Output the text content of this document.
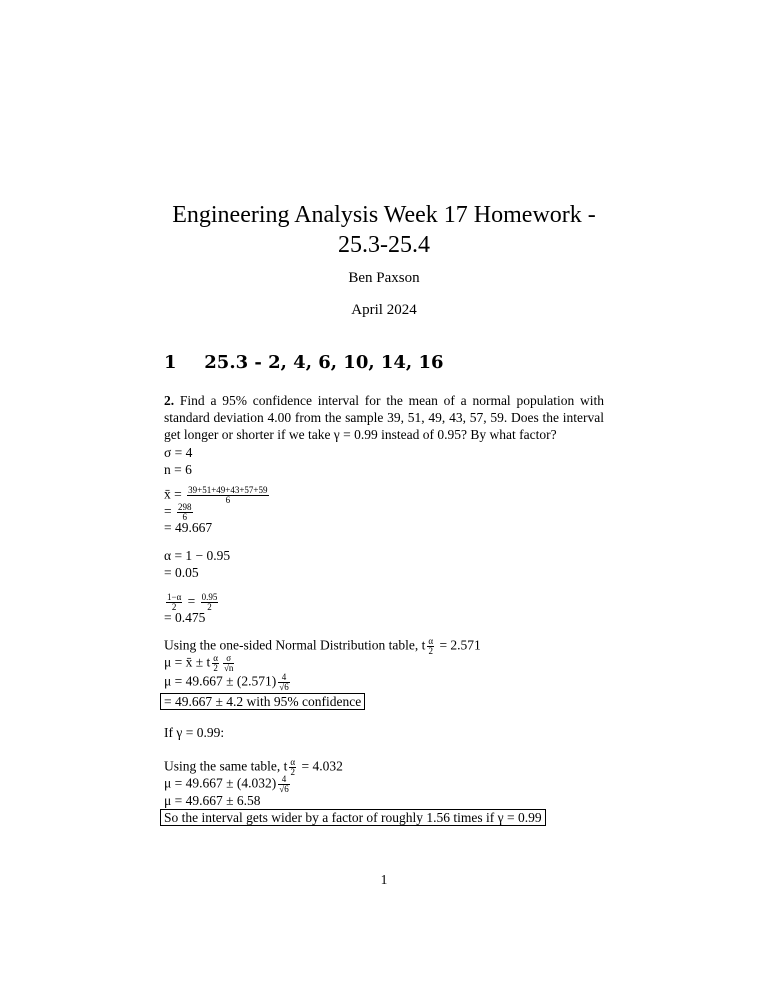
Engineering Analysis Week 17 Homework -
25.3-25.4
Ben Paxson
April 2024
1 25.3 - 2, 4, 6, 10, 14, 16
2. Find a 95% confidence interval for the mean of a normal population with standard deviation 4.00 from the sample 39, 51, 49, 43, 57, 59. Does the interval get longer or shorter if we take γ = 0.99 instead of 0.95? By what factor?
σ = 4
n = 6
x̄ = $\frac{39+51+49+43+57+59}{6}$
= $\frac{298}{6}$
= 49.667
α = 1 − 0.95
= 0.05
$\frac{1-\alpha}{2} = \frac{0.95}{2}$
= 0.475
Using the one-sided Normal Distribution table, t $\frac{\alpha}{2} = 2.571$
μ = x̄ ± t $\frac{\alpha}{2} \frac{\sigma}{√n}$
$\mu = 49.667 \pm (2.571) \frac{4}{√6}$
= 49.667 ± 4.2 with 95% confidence
If γ = 0.99:
Using the same table, t $\frac{\alpha}{2} = 4.032$
$\mu = 49.667 \pm (4.032) \frac{4}{√6}$
μ = 49.667 ± 6.58
So the interval gets wider by a factor of roughly 1.56 times if γ = 0.99
1
